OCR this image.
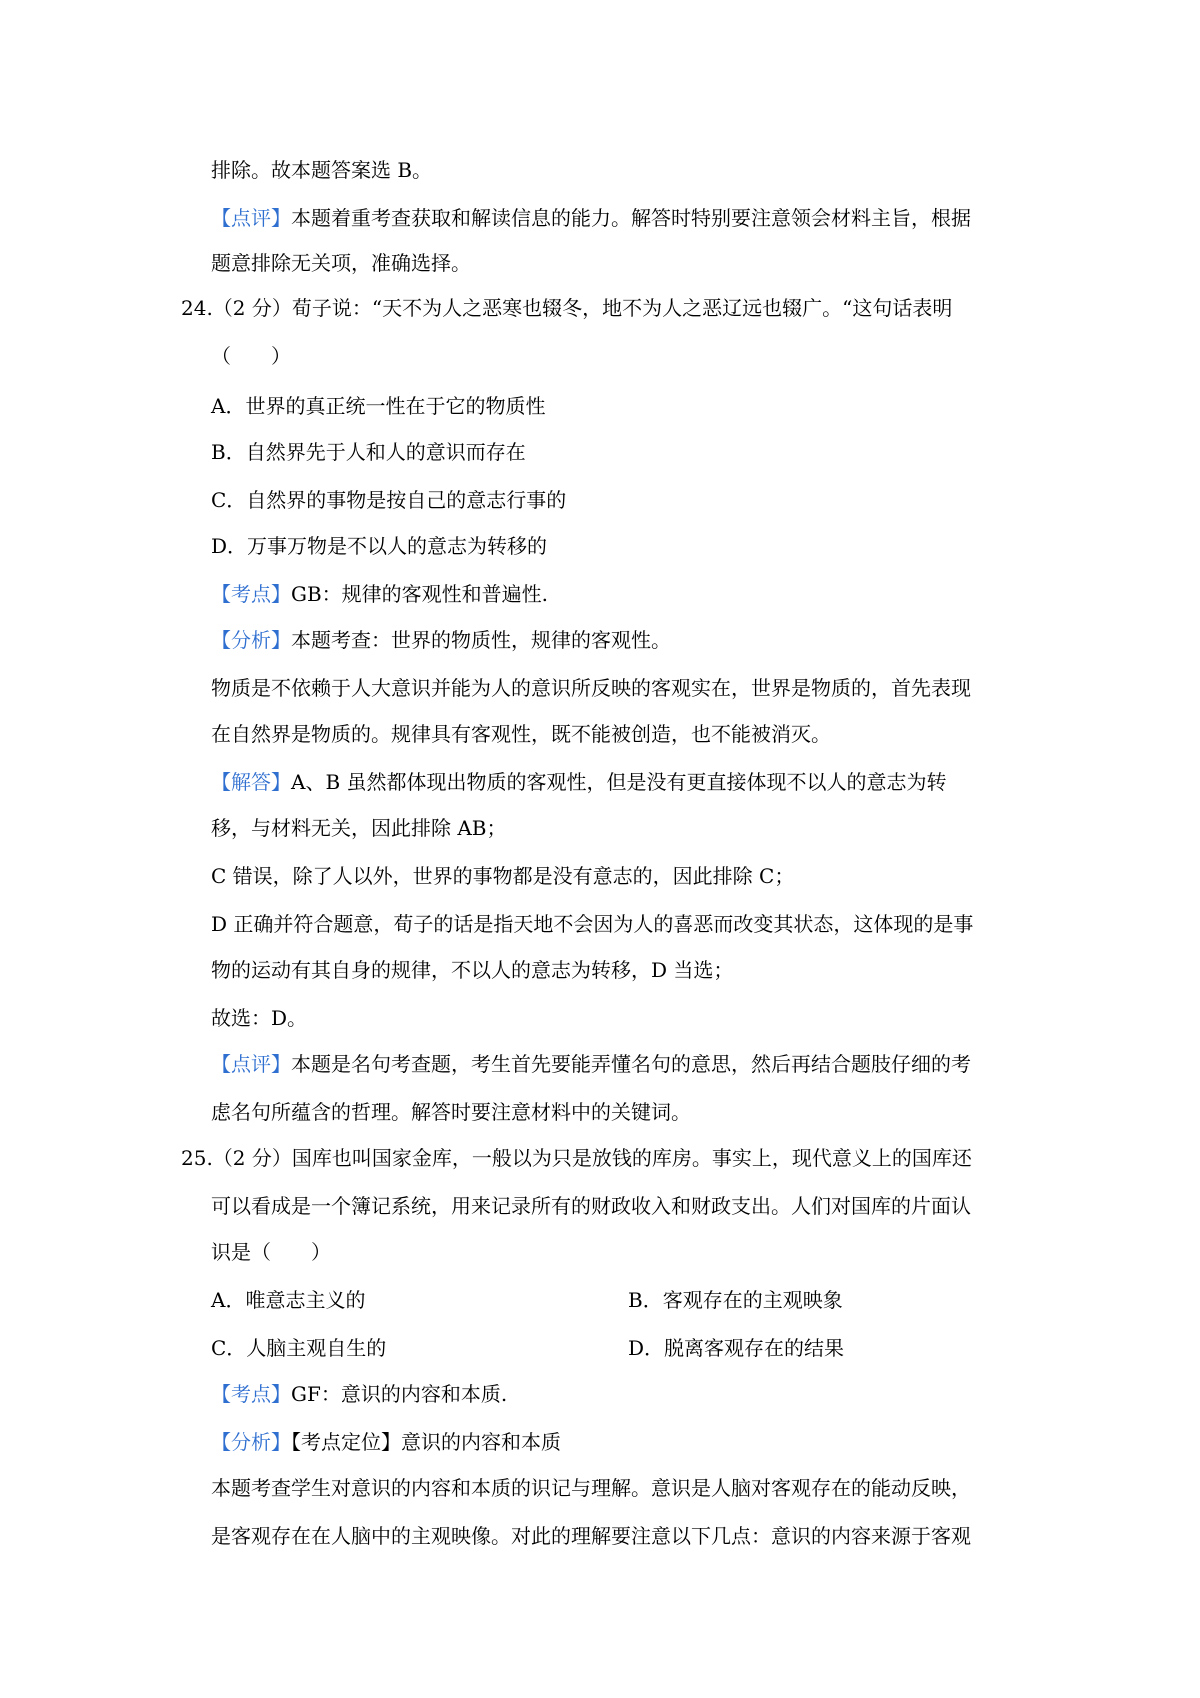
排除。故本题答案选 B。
【点评】本题着重考查获取和解读信息的能力。解答时特别要注意领会材料主旨，根据
题意排除无关项，准确选择。
24.（2 分）荀子说：“天不为人之恶寒也辍冬，地不为人之恶辽远也辍广。“这句话表明
（　　）
A．世界的真正统一性在于它的物质性
B．自然界先于人和人的意识而存在
C．自然界的事物是按自己的意志行事的
D．万事万物是不以人的意志为转移的
【考点】GB：规律的客观性和普遍性.
【分析】本题考查：世界的物质性，规律的客观性。
物质是不依赖于人大意识并能为人的意识所反映的客观实在，世界是物质的，首先表现
在自然界是物质的。规律具有客观性，既不能被创造，也不能被消灭。
【解答】A、B 虽然都体现出物质的客观性，但是没有更直接体现不以人的意志为转
移，与材料无关，因此排除 AB；
C 错误，除了人以外，世界的事物都是没有意志的，因此排除 C；
D 正确并符合题意，荀子的话是指天地不会因为人的喜恶而改变其状态，这体现的是事
物的运动有其自身的规律，不以人的意志为转移，D 当选；
故选：D。
【点评】本题是名句考查题，考生首先要能弄懂名句的意思，然后再结合题肢仔细的考
虑名句所蕴含的哲理。解答时要注意材料中的关键词。
25.（2 分）国库也叫国家金库，一般以为只是放钱的库房。事实上，现代意义上的国库还
可以看成是一个簿记系统，用来记录所有的财政收入和财政支出。人们对国库的片面认
识是（　　）
A．唯意志主义的	B．客观存在的主观映象
C．人脑主观自生的	D．脱离客观存在的结果
【考点】GF：意识的内容和本质.
【分析】【考点定位】意识的内容和本质
本题考查学生对意识的内容和本质的识记与理解。意识是人脑对客观存在的能动反映，
是客观存在在人脑中的主观映像。对此的理解要注意以下几点：意识的内容来源于客观
